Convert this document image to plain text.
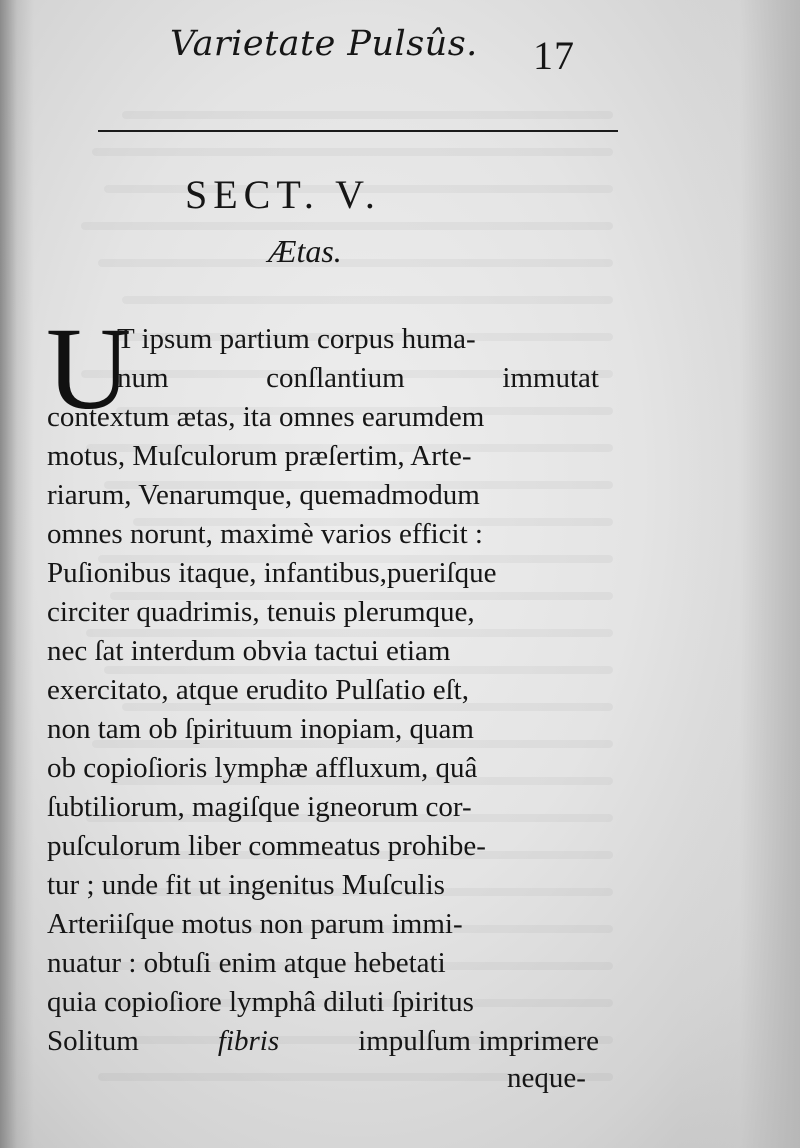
Varietate Pulsûs. 17
SECT. V.
Ætas.
U
T ipsum partium corpus huma-
num	conſlantium	immutat
contextum ætas, ita omnes earumdem
motus, Muſculorum præſertim, Arte-
riarum, Venarumque, quemadmodum
omnes norunt, maximè varios efficit :
Puſionibus itaque, infantibus,pueriſque
circiter quadrimis, tenuis plerumque,
nec ſat interdum obvia tactui etiam
exercitato, atque erudito Pulſatio eſt,
non tam ob ſpirituum inopiam, quam
ob copioſioris lymphæ affluxum, quâ
ſubtiliorum, magiſque igneorum cor-
puſculorum liber commeatus prohibe-
tur ; unde fit ut ingenitus Muſculis
Arteriiſque motus non parum immi-
nuatur : obtuſi enim atque hebetati
quia copioſiore lymphâ diluti ſpiritus
Solitum	fibris	impulſum imprimere
neque-
